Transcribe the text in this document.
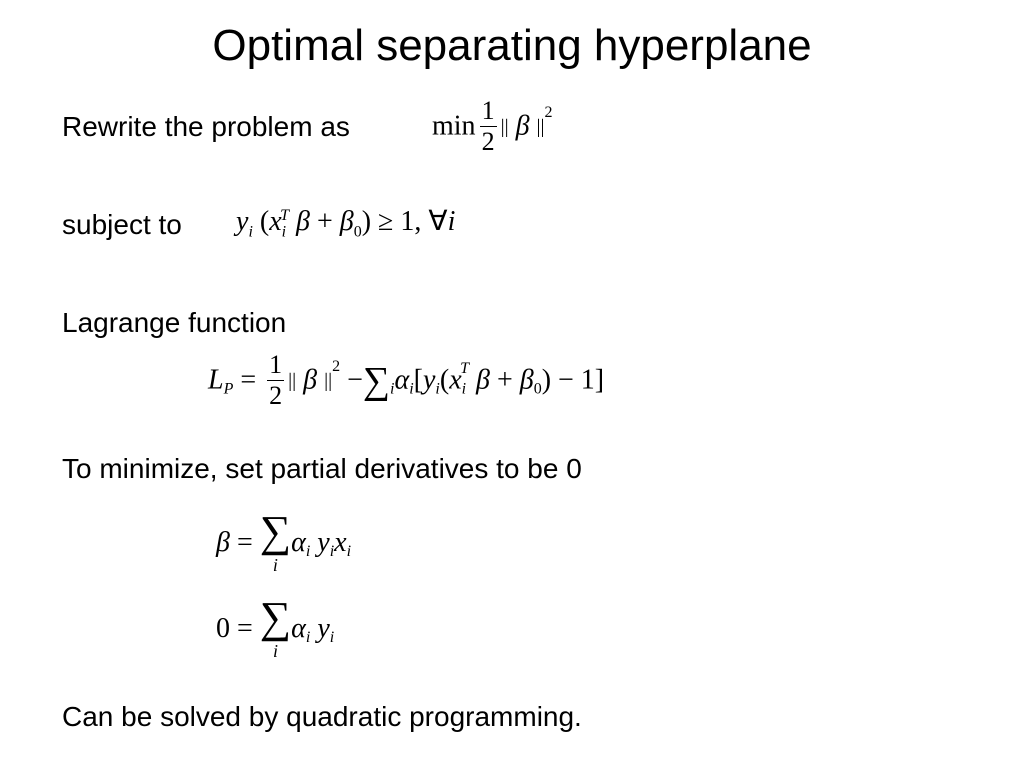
Optimal separating hyperplane
Rewrite the problem as	$\min \frac{1}{2}$ || β $||^2$
subject to $y_i$ ($x_i^T$ $\beta + \beta_0) \ge 1$, ∀i
Lagrange function
$L_P = \frac{1}{2}$ || β $||^2 -\sum_i\alpha_i[y_i(x_i^T$ $\beta + \beta_0) - 1$]
To minimize, set partial derivatives to be 0
β = ∑
i
$\alpha_i$ $y_ix_i$
0 = ∑
i
$\alpha_i$ $y_i$
Can be solved by quadratic programming.
